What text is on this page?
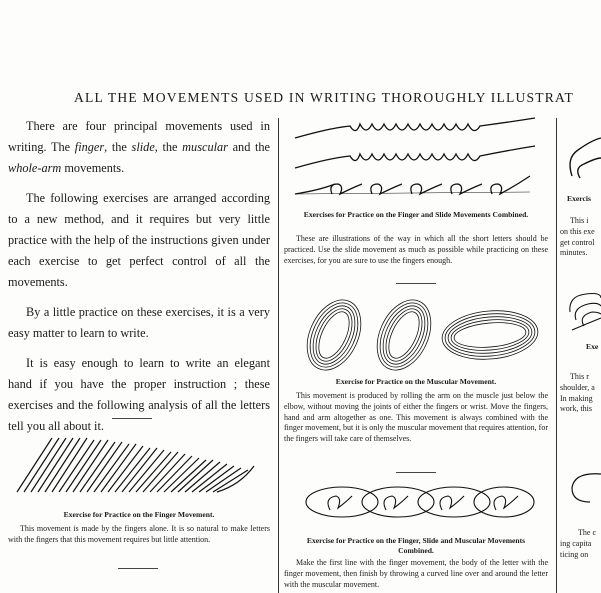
ALL THE MOVEMENTS USED IN WRITING THOROUGHLY ILLUSTRAT

There are four principal movements used in writing. The finger, the slide, the muscular and the whole-arm movements.

The following exercises are arranged according to a new method, and it requires but very little practice with the help of the instructions given under each exercise to get perfect control of all the movements.

By a little practice on these exercises, it is a very easy matter to learn to write.

It is easy enough to learn to write an elegant hand if you have the proper instruction ; these exercises and the following analysis of all the letters tell you all about it.

Exercise for Practice on the Finger Movement.

This movement is made by the fingers alone. It is so natural to make letters with the fingers that this movement requires but little attention.

Exercises for Practice on the Finger and Slide Movements Combined.

These are illustrations of the way in which all the short letters should be practiced. Use the slide movement as much as possible while practicing on these exercises, for you are sure to use the fingers enough.

Exercise for Practice on the Muscular Movement.

This movement is produced by rolling the arm on the muscle just below the elbow, without moving the joints of either the fingers or wrist. Move the fingers, hand and arm altogether as one. This movement is always combined with the finger movement, but it is only the muscular movement that requires attention, for the fingers will take care of themselves.

Exercise for Practice on the Finger, Slide and Muscular Movements Combined.

Make the first line with the finger movement, the body of the letter with the finger movement, then finish by throwing a curved line over and around the letter with the muscular movement.

Exercis
This i
on this exe
get control
minutes.
Exe
This r
shoulder, a
In making
work, this
The c
ing capita
ticing on
